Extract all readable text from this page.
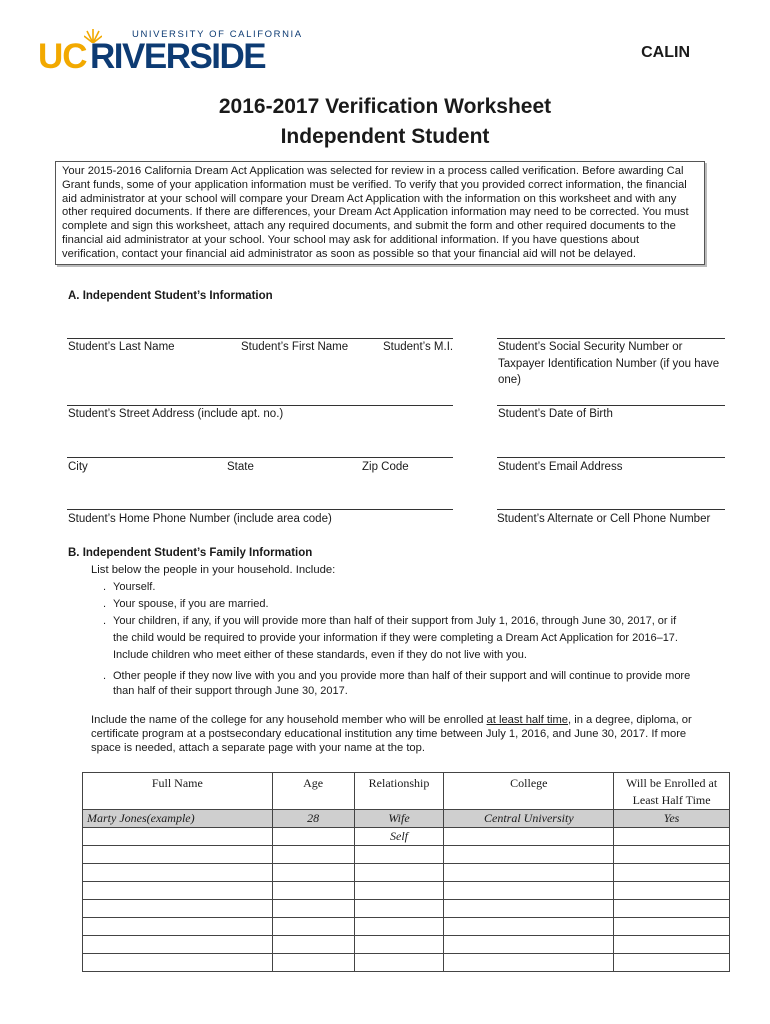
UNIVERSITY OF CALIFORNIA
UC RIVERSIDE	CALIN
2016-2017 Verification Worksheet
Independent Student
Your 2015-2016 California Dream Act Application was selected for review in a process called verification. Before awarding Cal
Grant funds, some of your application information must be verified. To verify that you provided correct information, the financial
aid administrator at your school will compare your Dream Act Application with the information on this worksheet and with any
other required documents. If there are differences, your Dream Act Application information may need to be corrected. You must
complete and sign this worksheet, attach any required documents, and submit the form and other required documents to the
financial aid administrator at your school. Your school may ask for additional information. If you have questions about
verification, contact your financial aid administrator as soon as possible so that your financial aid will not be delayed.
A. Independent Student’s Information
Student’s Last Name	Student’s First Name	Student’s M.I.	Student’s Social Security Number or Taxpayer Identification Number (if you have one)
Student’s Street Address (include apt. no.)	Student’s Date of Birth
City	State	Zip Code	Student’s Email Address
Student’s Home Phone Number (include area code)	Student’s Alternate or Cell Phone Number
B. Independent Student’s Family Information
List below the people in your household. Include:
. Yourself.
. Your spouse, if you are married.
. Your children, if any, if you will provide more than half of their support from July 1, 2016, through June 30, 2017, or if
the child would be required to provide your information if they were completing a Dream Act Application for 2016–17.
Include children who meet either of these standards, even if they do not live with you.
. Other people if they now live with you and you provide more than half of their support and will continue to provide more
than half of their support through June 30, 2017.
Include the name of the college for any household member who will be enrolled at least half time, in a degree, diploma, or
certificate program at a postsecondary educational institution any time between July 1, 2016, and June 30, 2017. If more
space is needed, attach a separate page with your name at the top.
Full Name	Age	Relationship	College	Will be Enrolled at Least Half Time
Marty Jones(example)	28	Wife	Central University	Yes
		Self		
